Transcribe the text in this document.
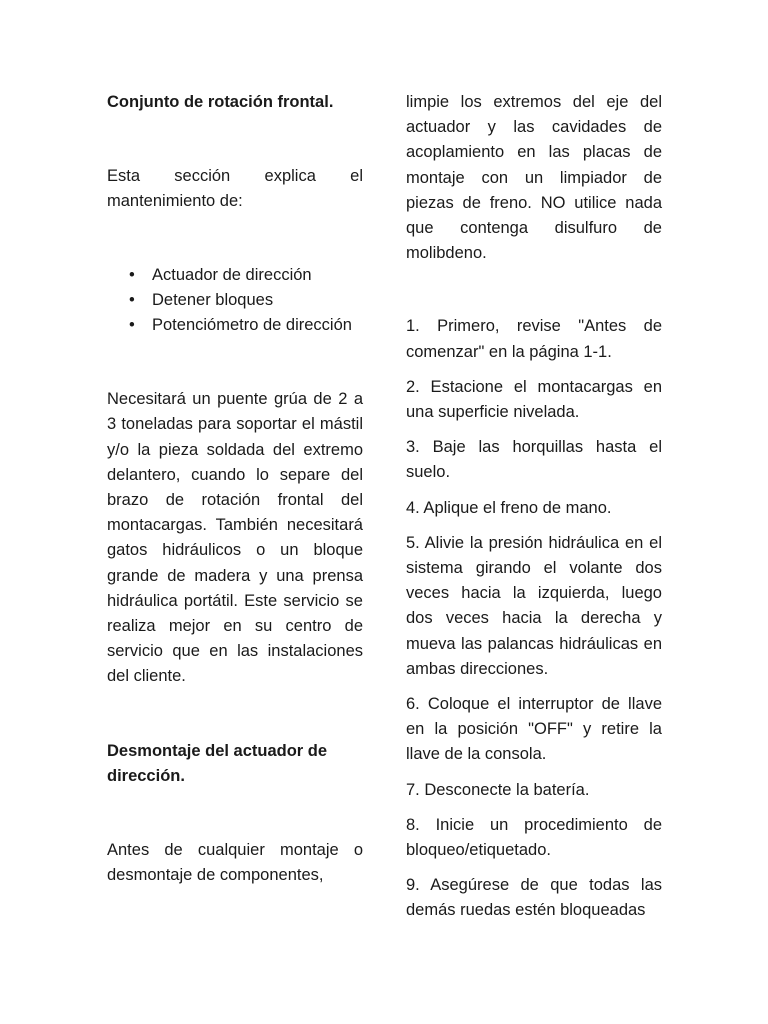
Conjunto de rotación frontal.

Esta sección explica el mantenimiento de:

• Actuador de dirección
• Detener bloques
• Potenciómetro de dirección

Necesitará un puente grúa de 2 a 3 toneladas para soportar el mástil y/o la pieza soldada del extremo delantero, cuando lo separe del brazo de rotación frontal del montacargas. También necesitará gatos hidráulicos o un bloque grande de madera y una prensa hidráulica portátil. Este servicio se realiza mejor en su centro de servicio que en las instalaciones del cliente.

Desmontaje del actuador de dirección.

Antes de cualquier montaje o desmontaje de componentes,

limpie los extremos del eje del actuador y las cavidades de acoplamiento en las placas de montaje con un limpiador de piezas de freno. NO utilice nada que contenga disulfuro de molibdeno.

1. Primero, revise "Antes de comenzar" en la página 1-1.

2. Estacione el montacargas en una superficie nivelada.

3. Baje las horquillas hasta el suelo.

4. Aplique el freno de mano.

5. Alivie la presión hidráulica en el sistema girando el volante dos veces hacia la izquierda, luego dos veces hacia la derecha y mueva las palancas hidráulicas en ambas direcciones.

6. Coloque el interruptor de llave en la posición "OFF" y retire la llave de la consola.

7. Desconecte la batería.

8. Inicie un procedimiento de bloqueo/etiquetado.

9. Asegúrese de que todas las demás ruedas estén bloqueadas
